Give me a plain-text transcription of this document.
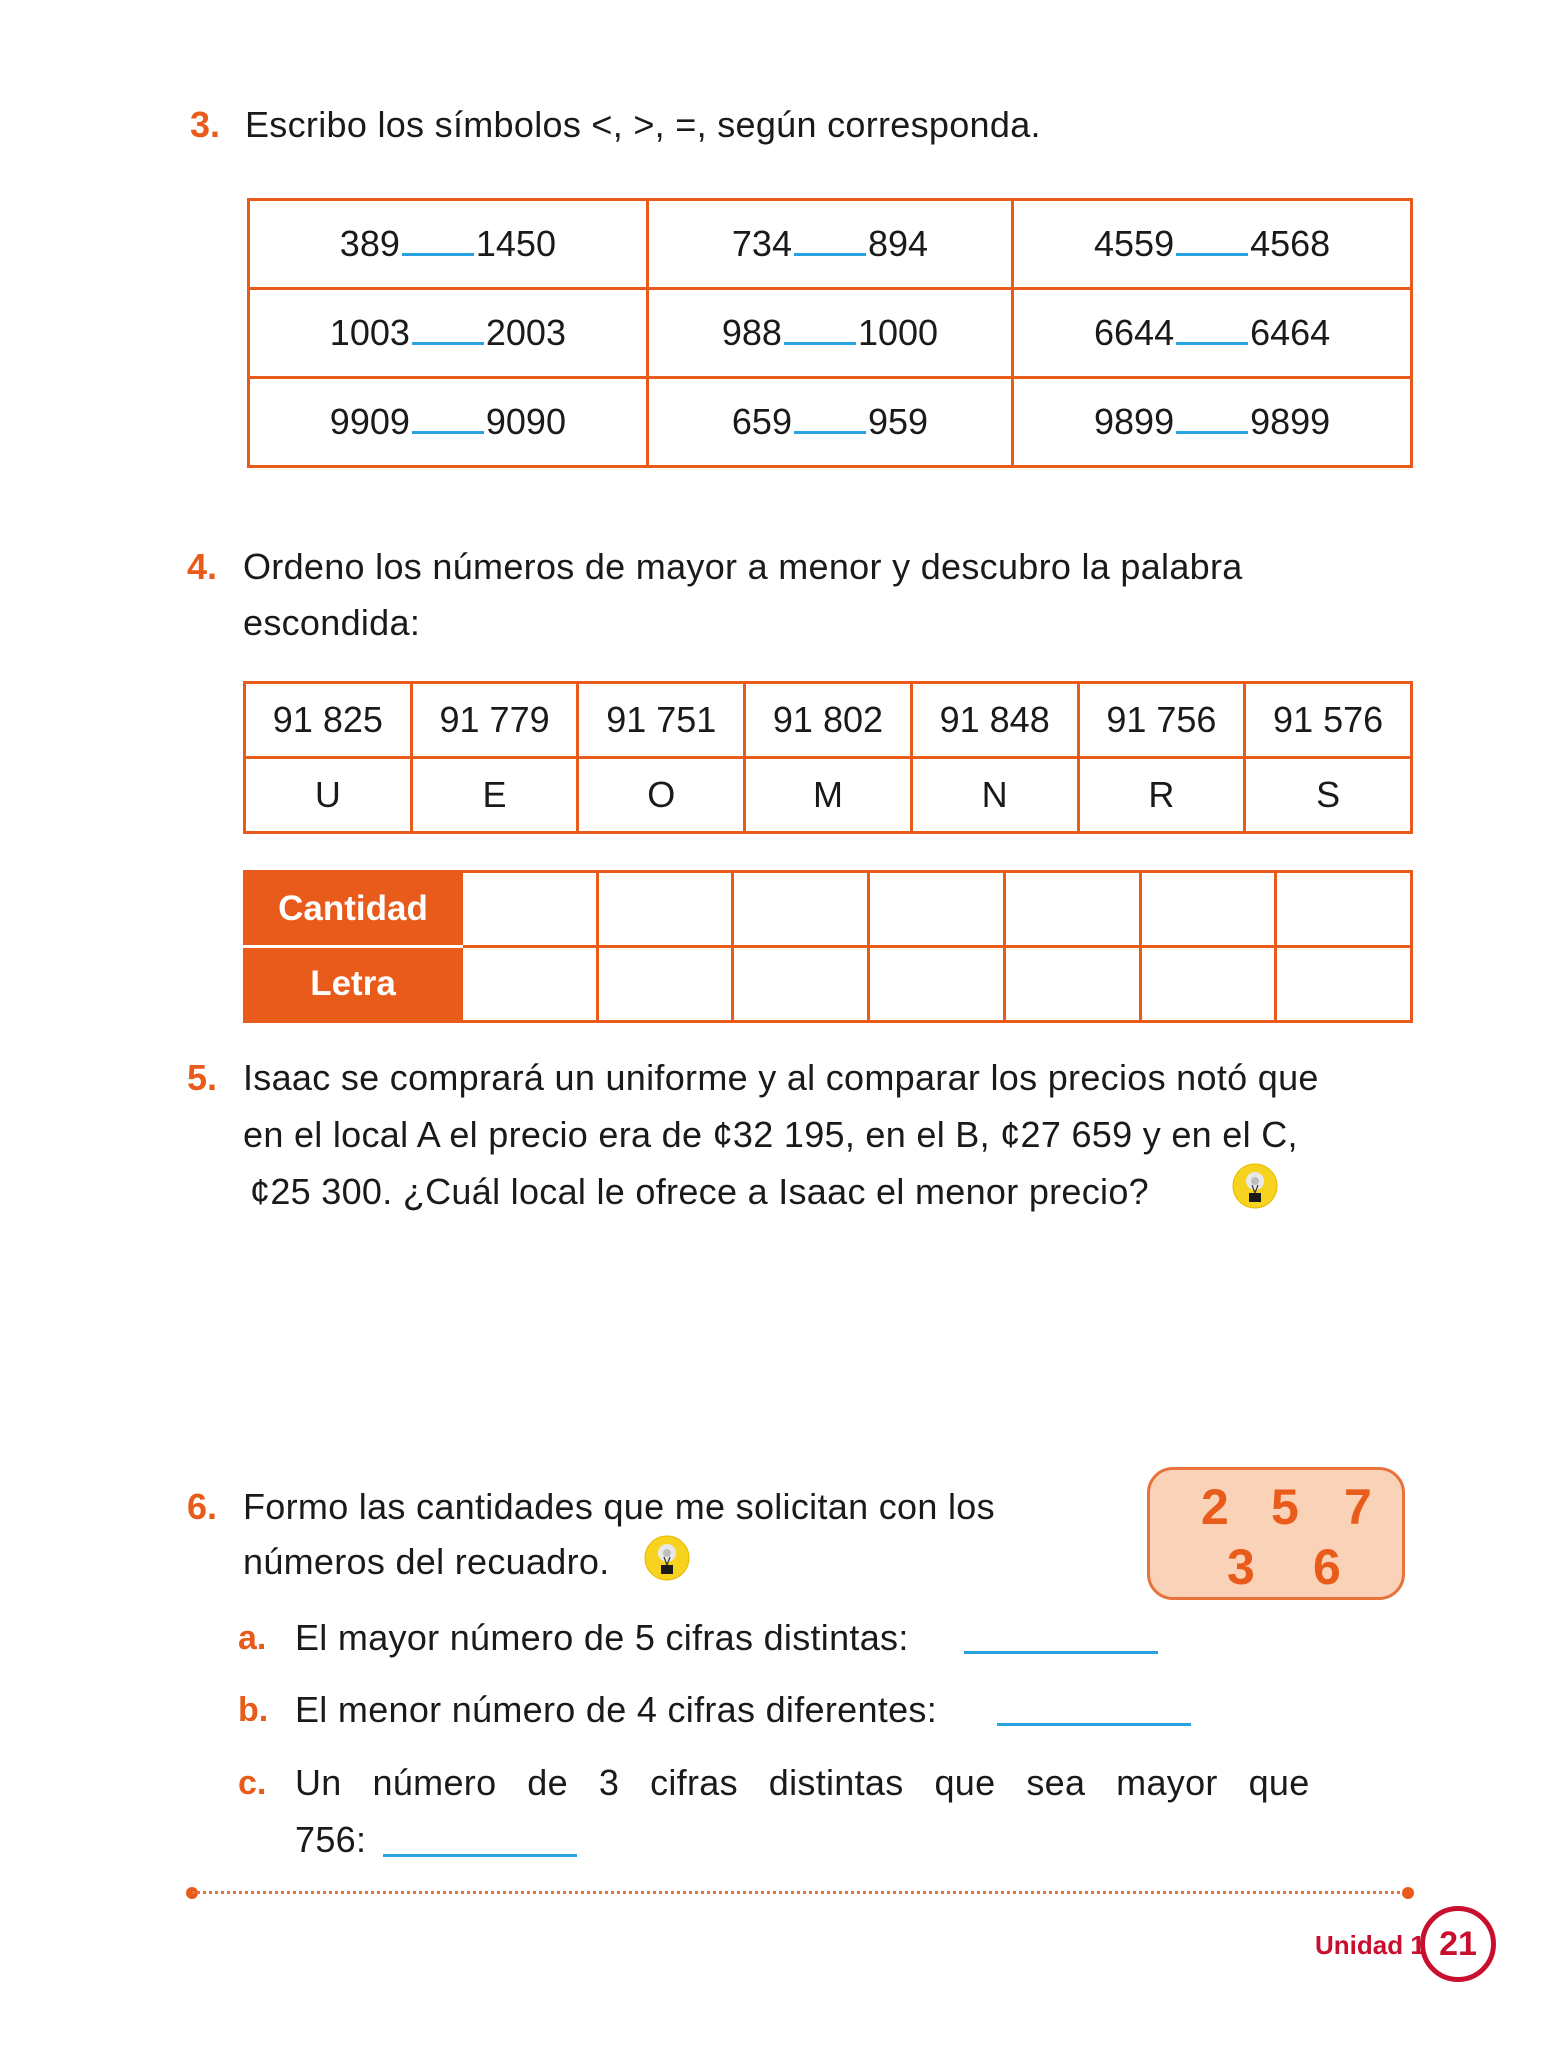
3. Escribo los símbolos <, >, =, según corresponda.
389 1450	734 894	4559 4568
1003 2003	988 1000	6644 6464
9909 9090	659 959	9899 9899
4. Ordeno los números de mayor a menor y descubro la palabra
escondida:
91 825	91 779	91 751	91 802	91 848	91 756	91 576
U	E	O	M	N	R	S
Cantidad							
Letra							
5. Isaac se comprará un uniforme y al comparar los precios notó que
en el local A el precio era de ¢32 195, en el B, ¢27 659 y en el C,
¢25 300. ¿Cuál local le ofrece a Isaac el menor precio?
6. Formo las cantidades que me solicitan con los
números del recuadro.
2 5 7
3 6
a. El mayor número de 5 cifras distintas:
b. El menor número de 4 cifras diferentes:
c. Un   número   de   3   cifras   distintas   que   sea   mayor   que
756:
Unidad 1 21
